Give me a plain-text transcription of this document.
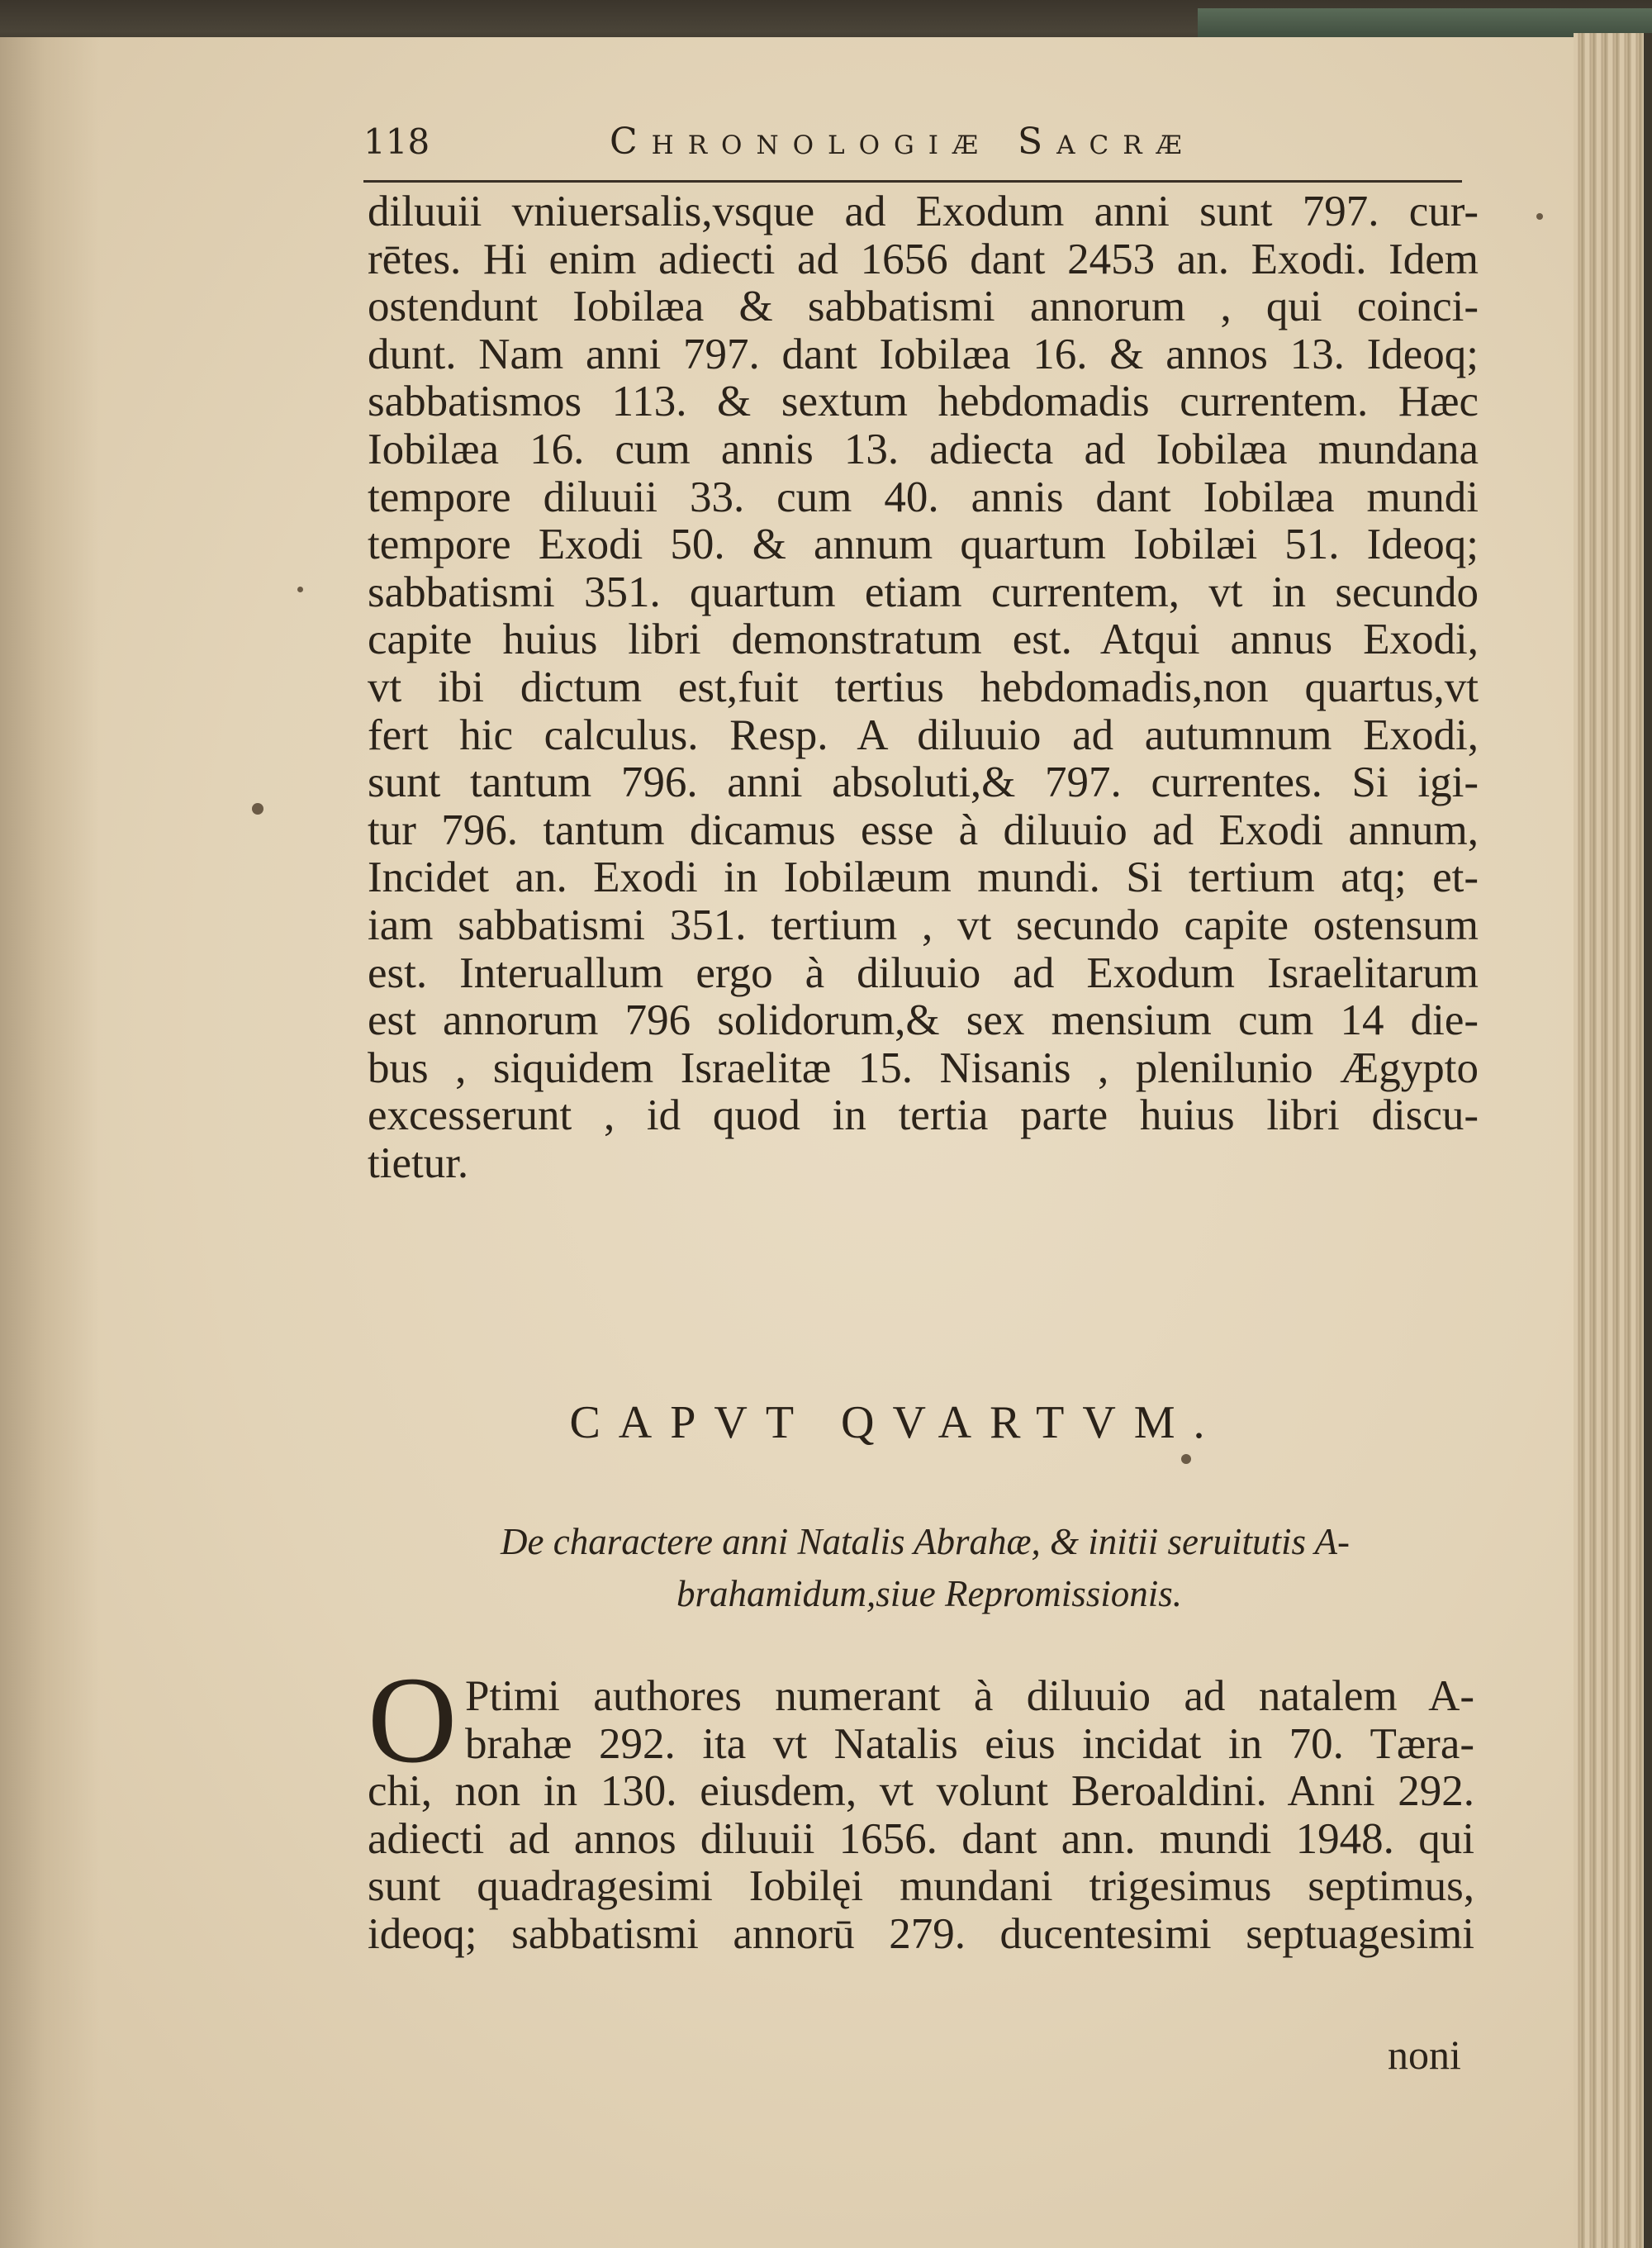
118	Chronologiæ Sacræ
diluuii vniuersalis,vsque ad Exodum anni sunt 797. cur-
rētes. Hi enim adiecti ad 1656 dant 2453 an. Exodi. Idem
ostendunt Iobilæa & sabbatismi annorum , qui coinci-
dunt. Nam anni 797. dant Iobilæa 16. & annos 13. Ideoq;
sabbatismos 113. & sextum hebdomadis currentem. Hæc
Iobilæa 16. cum annis 13. adiecta ad Iobilæa mundana
tempore diluuii 33. cum 40. annis dant Iobilæa mundi
tempore Exodi 50. & annum quartum Iobilæi 51. Ideoq;
sabbatismi 351. quartum etiam currentem, vt in secundo
capite huius libri demonstratum est. Atqui annus Exodi,
vt ibi dictum est,fuit tertius hebdomadis,non quartus,vt
fert hic calculus. Resp. A diluuio ad autumnum Exodi,
sunt tantum 796. anni absoluti,& 797. currentes. Si igi-
tur 796. tantum dicamus esse à diluuio ad Exodi annum,
Incidet an. Exodi in Iobilæum mundi. Si tertium atq; et-
iam sabbatismi 351. tertium , vt secundo capite ostensum
est. Interuallum ergo à diluuio ad Exodum Israelitarum
est annorum 796 solidorum,& sex mensium cum 14 die-
bus , siquidem Israelitæ 15. Nisanis , plenilunio Ægypto
excesserunt , id quod in tertia parte huius libri discu-
tietur.
CAPVT QVARTVM.
De charactere anni Natalis Abrahæ, & initii seruitutis A-
brahamidum,siue Repromissionis.
O Ptimi authores numerant à diluuio ad natalem A-
brahæ 292. ita vt Natalis eius incidat in 70. Tæra-
chi, non in 130. eiusdem, vt volunt Beroaldini. Anni 292.
adiecti ad annos diluuii 1656. dant ann. mundi 1948. qui
sunt quadragesimi Iobilęi mundani trigesimus septimus,
ideoq; sabbatismi annorū 279. ducentesimi septuagesimi
noni
